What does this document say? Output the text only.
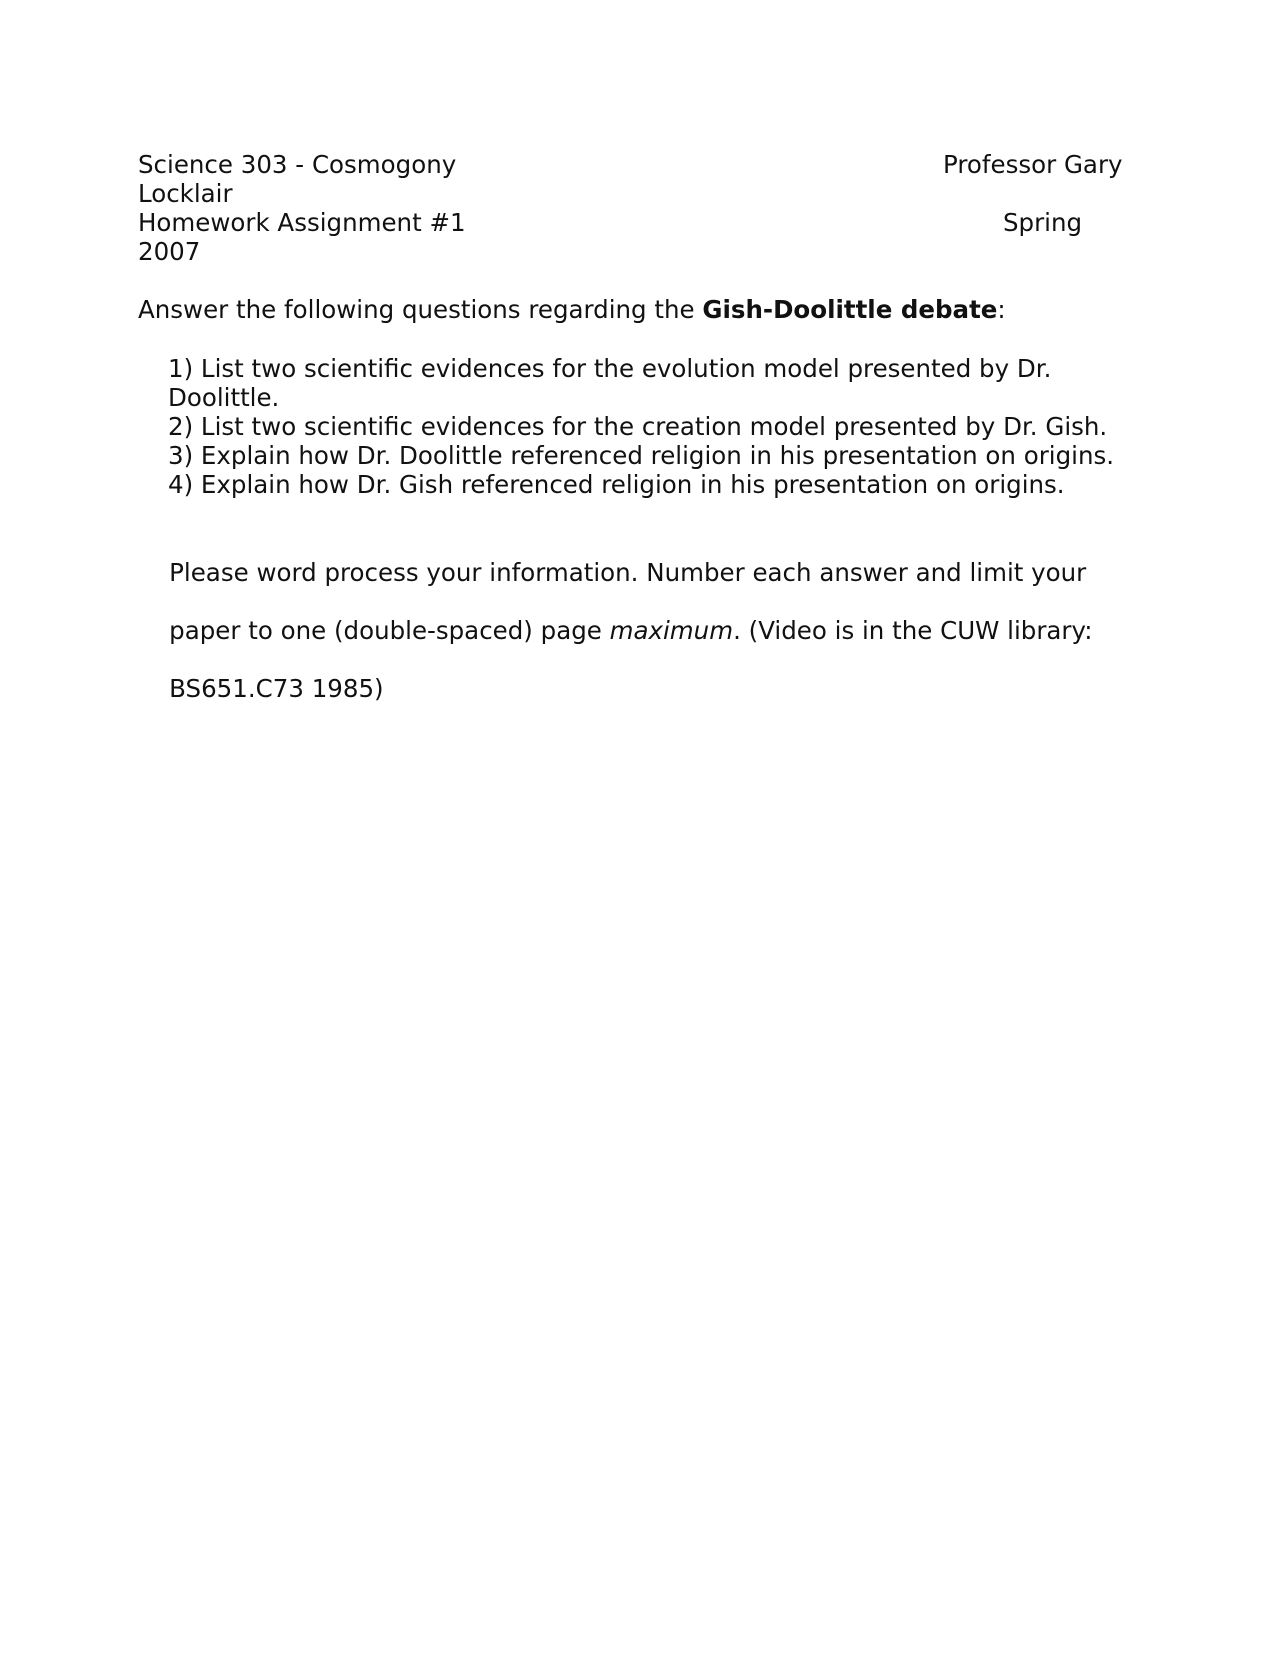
Science 303 - Cosmogony	Professor Gary
Locklair
Homework Assignment #1	Spring
2007
Answer the following questions regarding the Gish-Doolittle debate:
1) List two scientific evidences for the evolution model presented by Dr.
Doolittle.
2) List two scientific evidences for the creation model presented by Dr. Gish.
3) Explain how Dr. Doolittle referenced religion in his presentation on origins.
4) Explain how Dr. Gish referenced religion in his presentation on origins.

Please word process your information. Number each answer and limit your

paper to one (double-spaced) page maximum. (Video is in the CUW library:

BS651.C73 1985)
